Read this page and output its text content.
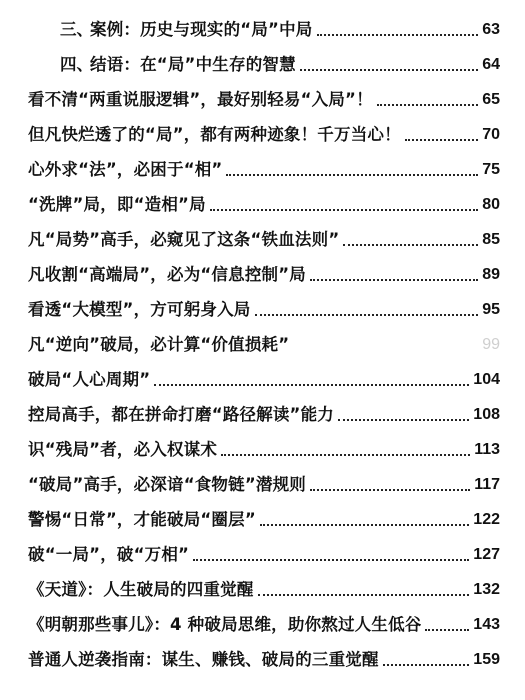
三、
案例：历史与现实的“局”中局	63
四、
结语：在“局”中生存的智慧	64
看不清“两重说服逻辑”，最好别轻易“入局”！	65
但凡快烂透了的“局”，都有两种迹象！千万当心！	70
心外求“法”，必困于“相”	75
“洗牌”局，即“造相”局	80
凡“局势”高手，必窥见了这条“铁血法则”	85
凡收割“高端局”，必为“信息控制”局	89
看透“大模型”，方可躬身入局	95
凡“逆向”破局，必计算“价值损耗”	99
破局“人心周期”	104
控局高手，都在拼命打磨“路径解读”能力	108
识“残局”者，必入权谋术	113
“破局”高手，必深谙“食物链”潜规则	117
警惕“日常”，才能破局“圈层”	122
破“一局”，破“万相”	127
《天道》：人生破局的四重觉醒	132
《明朝那些事儿》：4 种破局思维，助你熬过人生低谷	143
普通人逆袭指南：谋生、赚钱、破局的三重觉醒	159
